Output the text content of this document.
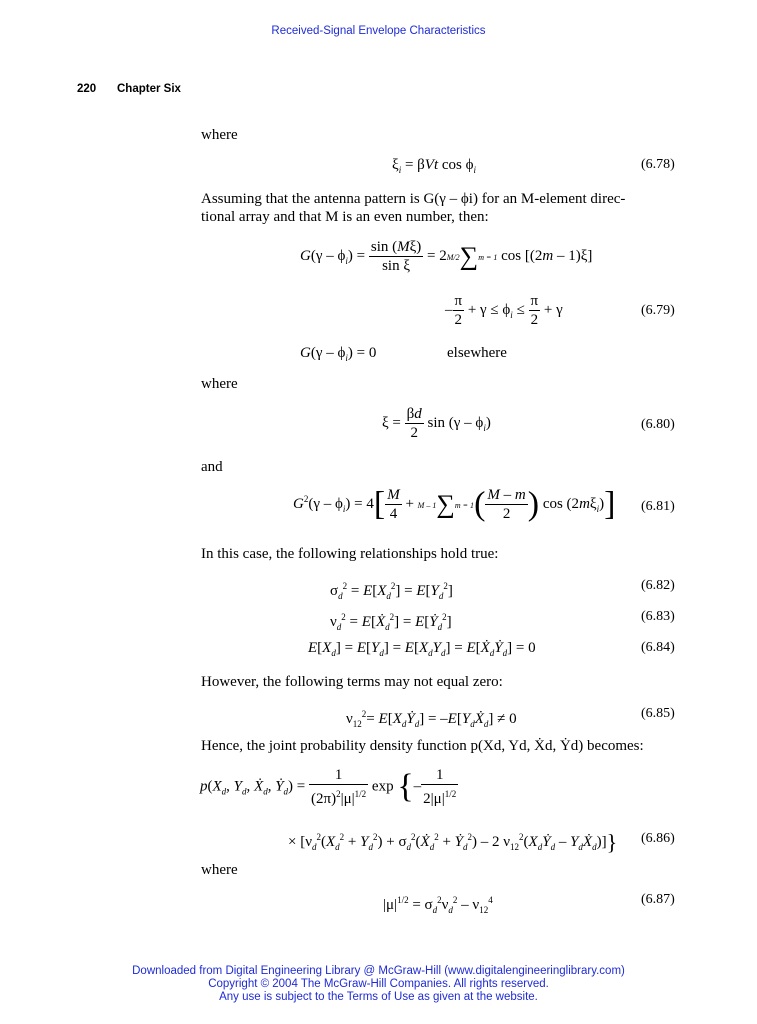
Received-Signal Envelope Characteristics
220 Chapter Six
where
$\xi_i = \beta Vt$ $\cos \phi_i$	(6.78)
Assuming that the antenna pattern is G(γ – ϕi) for an M-element direc-
tional array and that M is an even number, then:
$G(\gamma - \phi_i) = \frac{\sin (M\xi)}{\text{sin ξ}} = 2M/2\sum m = 1$ cos [(2m – 1)ξ]
– $\frac{\pi}{2} + \gamma \le \phi_i \le \frac{\pi}{2} + \gamma$	(6.79)
$G(\gamma - \phi_i) = 0$	elsewhere
where
$\xi = \frac{\beta d}{2}$ $\sin (\gamma - \phi_i)$	(6.80)
and
$G^2(\gamma - \phi_i) = 4[ \frac{M}{4} + M - 1\sum m = 1( \frac{M - m}{2}$ ) $\cos (2m\xi_i)$] (6.81)
In this case, the following relationships hold true:
$\sigma_d^2 = E[X_d^2] = E[Y_d^2]$	(6.82)
$\nu_d^2$ = E[Ẋ$_d^2$] = E[Ẏ$_d^2$]	(6.83)
$E[X_d] = E[Y_d] = E[X_dY_d]$ = E[Ẋ$_d$Ẏ$_d$] = 0	(6.84)
However, the following terms may not equal zero:
$\nu_{12}^2=$ $E[X_dẎ_d]$ = $-E[Y_dẊ_d] \ne 0$	(6.85)
Hence, the joint probability density function p(Xd, Yd, Ẋd, Ẏd) becomes:
$p(X_d$, $Y_d$, Ẋ$_d$, Ẏ$_d$) = $\frac{1}{(2\pi)^2|\mu|^{1/2}}$ exp {– $\frac{1}{2|\mu|^{1/2}}$
× [$\nu_d^2(X_d^2 + Y_d^2)$ + $\sigma_d^2(Ẋ_d^2$ + Ẏ$_d^2$) – 2 $\nu_{12}^2(X_dẎ_d$ – $Y_dẊ_d$)]} (6.86)
where
$|\mu|^{1/2} = \sigma_d^2\nu_d^2 - \nu_{12}^4$	(6.87)
Downloaded from Digital Engineering Library @ McGraw-Hill (www.digitalengineeringlibrary.com)
Copyright © 2004 The McGraw-Hill Companies. All rights reserved.
Any use is subject to the Terms of Use as given at the website.
